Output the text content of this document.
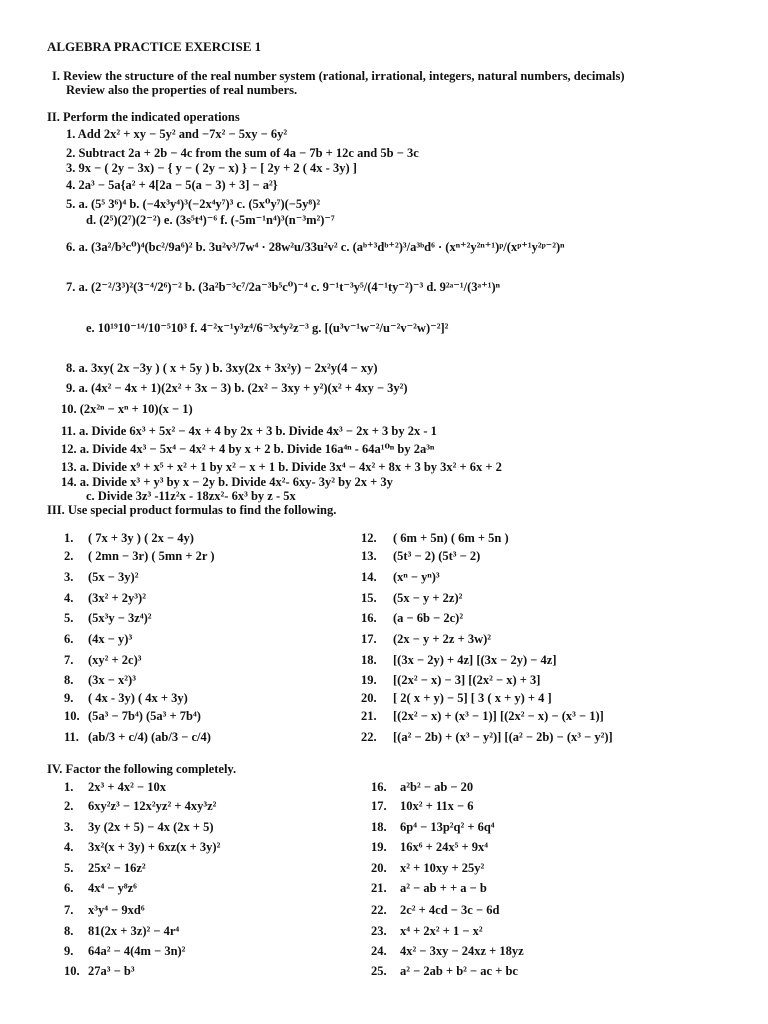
ALGEBRA PRACTICE EXERCISE 1
I. Review the structure of the real number system (rational, irrational, integers, natural numbers, decimals)
Review also the properties of real numbers.
II. Perform the indicated operations
1. Add 2x² + xy − 5y² and −7x² − 5xy − 6y²
2. Subtract 2a + 2b − 4c from the sum of 4a − 7b + 12c and 5b − 3c
3. 9x − ( 2y − 3x) − { y − ( 2y − x) } − [ 2y + 2 ( 4x - 3y) ]
4. 2a³ − 5a{a² + 4[2a − 5(a − 3) + 3] − a²}
5. a. (5⁵ 3⁶)⁴ b. (−4x³y⁴)³(−2x⁴y⁷)³ c. (5x⁰y⁷)(−5y⁸)²
d. (2⁵)(2⁷)(2⁻²) e. (3s⁵t⁴)⁻⁶ f. (-5m⁻¹n⁴)³(n⁻³m²)⁻⁷
6. a. (3a²/b³c⁰)⁴(bc²/9a⁶)² b. 3u²v³/7w⁴ · 28w²u/33u²v² c. (aᵇ⁺³dᵇ⁺²)³/a³ᵇd⁶ · (xⁿ⁺²y²ⁿ⁺¹)ᵖ/(xᵖ⁺¹y²ᵖ⁻²)ⁿ
7. a. (2⁻²/3³)²(3⁻⁴/2⁶)⁻² b. (3a²b⁻³c⁷/2a⁻³b⁵c⁰)⁻⁴ c. 9⁻¹t⁻³y⁵/(4⁻¹ty⁻²)⁻³ d. 9²ᵃ⁻¹/(3ᵃ⁺¹)ⁿ
e. 10¹⁹10⁻¹⁴/10⁻⁵10³ f. 4⁻²x⁻¹y³z⁴/6⁻³x⁴y²z⁻³ g. [(u³v⁻¹w⁻²/u⁻²v⁻²w)⁻²]²
8. a. 3xy( 2x −3y ) ( x + 5y ) b. 3xy(2x + 3x²y) − 2x²y(4 − xy)
9. a. (4x² − 4x + 1)(2x² + 3x − 3) b. (2x² − 3xy + y²)(x² + 4xy − 3y²)
10. (2x²ⁿ − xⁿ + 10)(x − 1)
11. a. Divide 6x³ + 5x² − 4x + 4 by 2x + 3 b. Divide 4x³ − 2x + 3 by 2x - 1
12. a. Divide 4x³ − 5x⁴ − 4x² + 4 by x + 2 b. Divide 16a⁴ⁿ - 64a¹⁰ⁿ by 2a³ⁿ
13. a. Divide x⁹ + x⁵ + x² + 1 by x² − x + 1 b. Divide 3x⁴ − 4x² + 8x + 3 by 3x² + 6x + 2
14. a. Divide x³ + y³ by x − 2y b. Divide 4x²- 6xy- 3y² by 2x + 3y
c. Divide 3z³ -11z²x - 18zx²- 6x³ by z - 5x
III. Use special product formulas to find the following.
1. ( 7x + 3y ) ( 2x − 4y)
2. ( 2mn − 3r) ( 5mn + 2r )
3. (5x − 3y)²
4. (3x² + 2y³)²
5. (5x³y − 3z⁴)²
6. (4x − y)³
7. (xy² + 2c)³
8. (3x − x²)³
9. ( 4x - 3y) ( 4x + 3y)
10. (5a³ − 7b⁴) (5a³ + 7b⁴)
11. (ab/3 + c/4) (ab/3 − c/4)
12. ( 6m + 5n) ( 6m + 5n )
13. (5t³ − 2) (5t³ − 2)
14. (xⁿ − yⁿ)³
15. (5x − y + 2z)²
16. (a − 6b − 2c)²
17. (2x − y + 2z + 3w)²
18. [(3x − 2y) + 4z] [(3x − 2y) − 4z]
19. [(2x² − x) − 3] [(2x² − x) + 3]
20. [ 2( x + y) − 5] [ 3 ( x + y) + 4 ]
21. [(2x² − x) + (x³ − 1)] [(2x² − x) − (x³ − 1)]
22. [(a² − 2b) + (x³ − y²)] [(a² − 2b) − (x³ − y²)]
IV. Factor the following completely.
1. 2x³ + 4x² − 10x
2. 6xy²z³ − 12x²yz² + 4xy³z²
3. 3y (2x + 5) − 4x (2x + 5)
4. 3x²(x + 3y) + 6xz(x + 3y)²
5. 25x² − 16z²
6. 4x⁴ − y⁸z⁶
7. x³y⁴ − 9xd⁶
8. 81(2x + 3z)² − 4r⁴
9. 64a² − 4(4m − 3n)²
10. 27a³ − b³
16. a²b² − ab − 20
17. 10x² + 11x − 6
18. 6p⁴ − 13p²q² + 6q⁴
19. 16x⁶ + 24x⁵ + 9x⁴
20. x² + 10xy + 25y²
21. a² − ab + + a − b
22. 2c² + 4cd − 3c − 6d
23. x⁴ + 2x² + 1 − x²
24. 4x² − 3xy − 24xz + 18yz
25. a² − 2ab + b² − ac + bc
